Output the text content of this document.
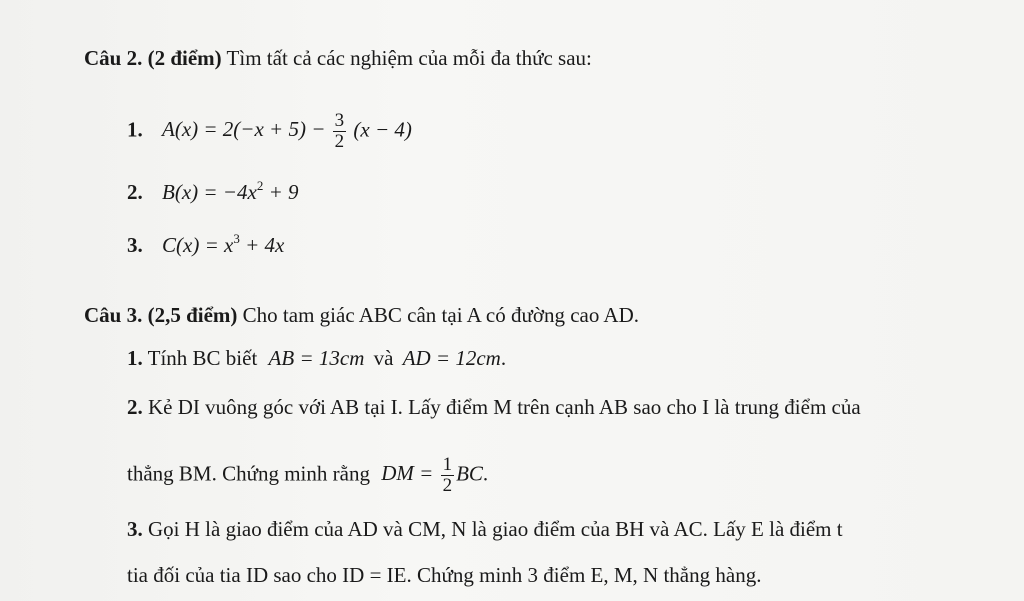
Câu 2. (2 điểm) Tìm tất cả các nghiệm của mỗi đa thức sau:
1. $A(x) = 2(-x + 5) - \frac{3}{2} (x - 4)$
2. $B(x) = -4x^2 + 9$
3. $C(x) = x^3 + 4x$
Câu 3. (2,5 điểm) Cho tam giác ABC cân tại A có đường cao AD.
1. Tính BC biết AB = 13cm và AD = 12cm.
2. Kẻ DI vuông góc với AB tại I. Lấy điểm M trên cạnh AB sao cho I là trung điểm của
thẳng BM. Chứng minh rằng DM = $\frac{1}{2}$ BC.
3. Gọi H là giao điểm của AD và CM, N là giao điểm của BH và AC. Lấy E là điểm t
tia đối của tia ID sao cho ID = IE. Chứng minh 3 điểm E, M, N thẳng hàng.
